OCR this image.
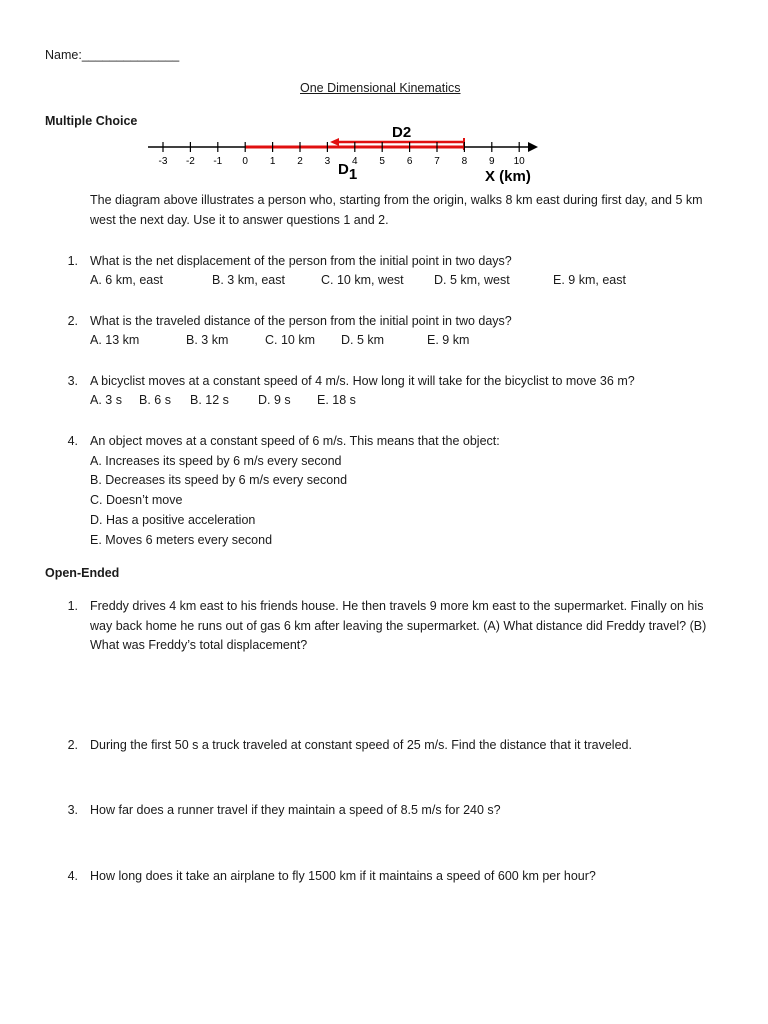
Name:______________
One Dimensional Kinematics
Multiple Choice
-3 -2 -1 0 1 2 3 4 5 6 7 8 9 10
D2
D1	X (km)
The diagram above illustrates a person who, starting from the origin, walks 8 km east during first day, and 5 km
west the next day. Use it to answer questions 1 and 2.
1. What is the net displacement of the person from the initial point in two days?
A. 6 km, east	B. 3 km, east	C. 10 km, west D. 5 km, west	E. 9 km, east
2. What is the traveled distance of the person from the initial point in two days?
A. 13 km	B. 3 km	C. 10 km D. 5 km	E. 9 km
3. A bicyclist moves at a constant speed of 4 m/s. How long it will take for the bicyclist to move 36 m?
A. 3 s B. 6 s B. 12 s D. 9 s E. 18 s
4. An object moves at a constant speed of 6 m/s. This means that the object:
A. Increases its speed by 6 m/s every second
B. Decreases its speed by 6 m/s every second
C. Doesn’t move
D. Has a positive acceleration
E. Moves 6 meters every second
Open-Ended
1. Freddy drives 4 km east to his friends house. He then travels 9 more km east to the supermarket. Finally on his
way back home he runs out of gas 6 km after leaving the supermarket. (A) What distance did Freddy travel? (B)
What was Freddy’s total displacement?
2. During the first 50 s a truck traveled at constant speed of 25 m/s. Find the distance that it traveled.
3. How far does a runner travel if they maintain a speed of 8.5 m/s for 240 s?
4. How long does it take an airplane to fly 1500 km if it maintains a speed of 600 km per hour?
